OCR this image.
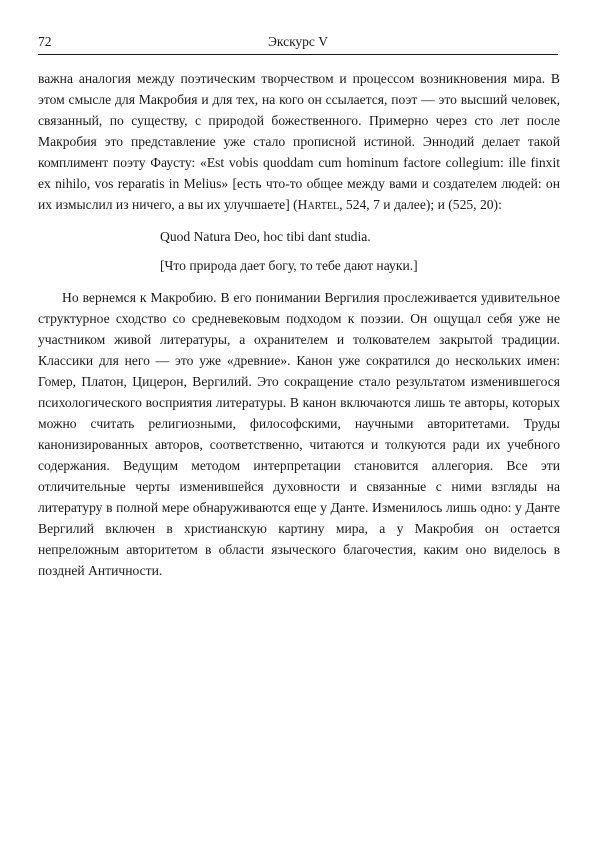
72	Экскурс V

важна аналогия между поэтическим творчеством и процессом возникновения мира. В этом смысле для Макробия и для тех, на кого он ссылается, поэт — это высший человек, связанный, по существу, с природой божественного. Примерно через сто лет после Макробия это представление уже стало прописной истиной. Эннодий делает такой комплимент поэту Фаусту: «Est vobis quoddam cum hominum factore collegium: ille finxit ex nihilo, vos reparatis in Melius» [есть что-то общее между вами и создателем людей: он их измыслил из ничего, а вы их улучшаете] (Hartel, 524, 7 и далее); и (525, 20):

Quod Natura Deo, hoc tibi dant studia.

[Что природа дает богу, то тебе дают науки.]

Но вернемся к Макробию. В его понимании Вергилия прослеживается удивительное структурное сходство со средневековым подходом к поэзии. Он ощущал себя уже не участником живой литературы, а охранителем и толкователем закрытой традиции. Классики для него — это уже «древние». Канон уже сократился до нескольких имен: Гомер, Платон, Цицерон, Вергилий. Это сокращение стало результатом изменившегося психологического восприятия литературы. В канон включаются лишь те авторы, которых можно считать религиозными, философскими, научными авторитетами. Труды канонизированных авторов, соответственно, читаются и толкуются ради их учебного содержания. Ведущим методом интерпретации становится аллегория. Все эти отличительные черты изменившейся духовности и связанные с ними взгляды на литературу в полной мере обнаруживаются еще у Данте. Изменилось лишь одно: у Данте Вергилий включен в христианскую картину мира, а у Макробия он остается непреложным авторитетом в области языческого благочестия, каким оно виделось в поздней Античности.
